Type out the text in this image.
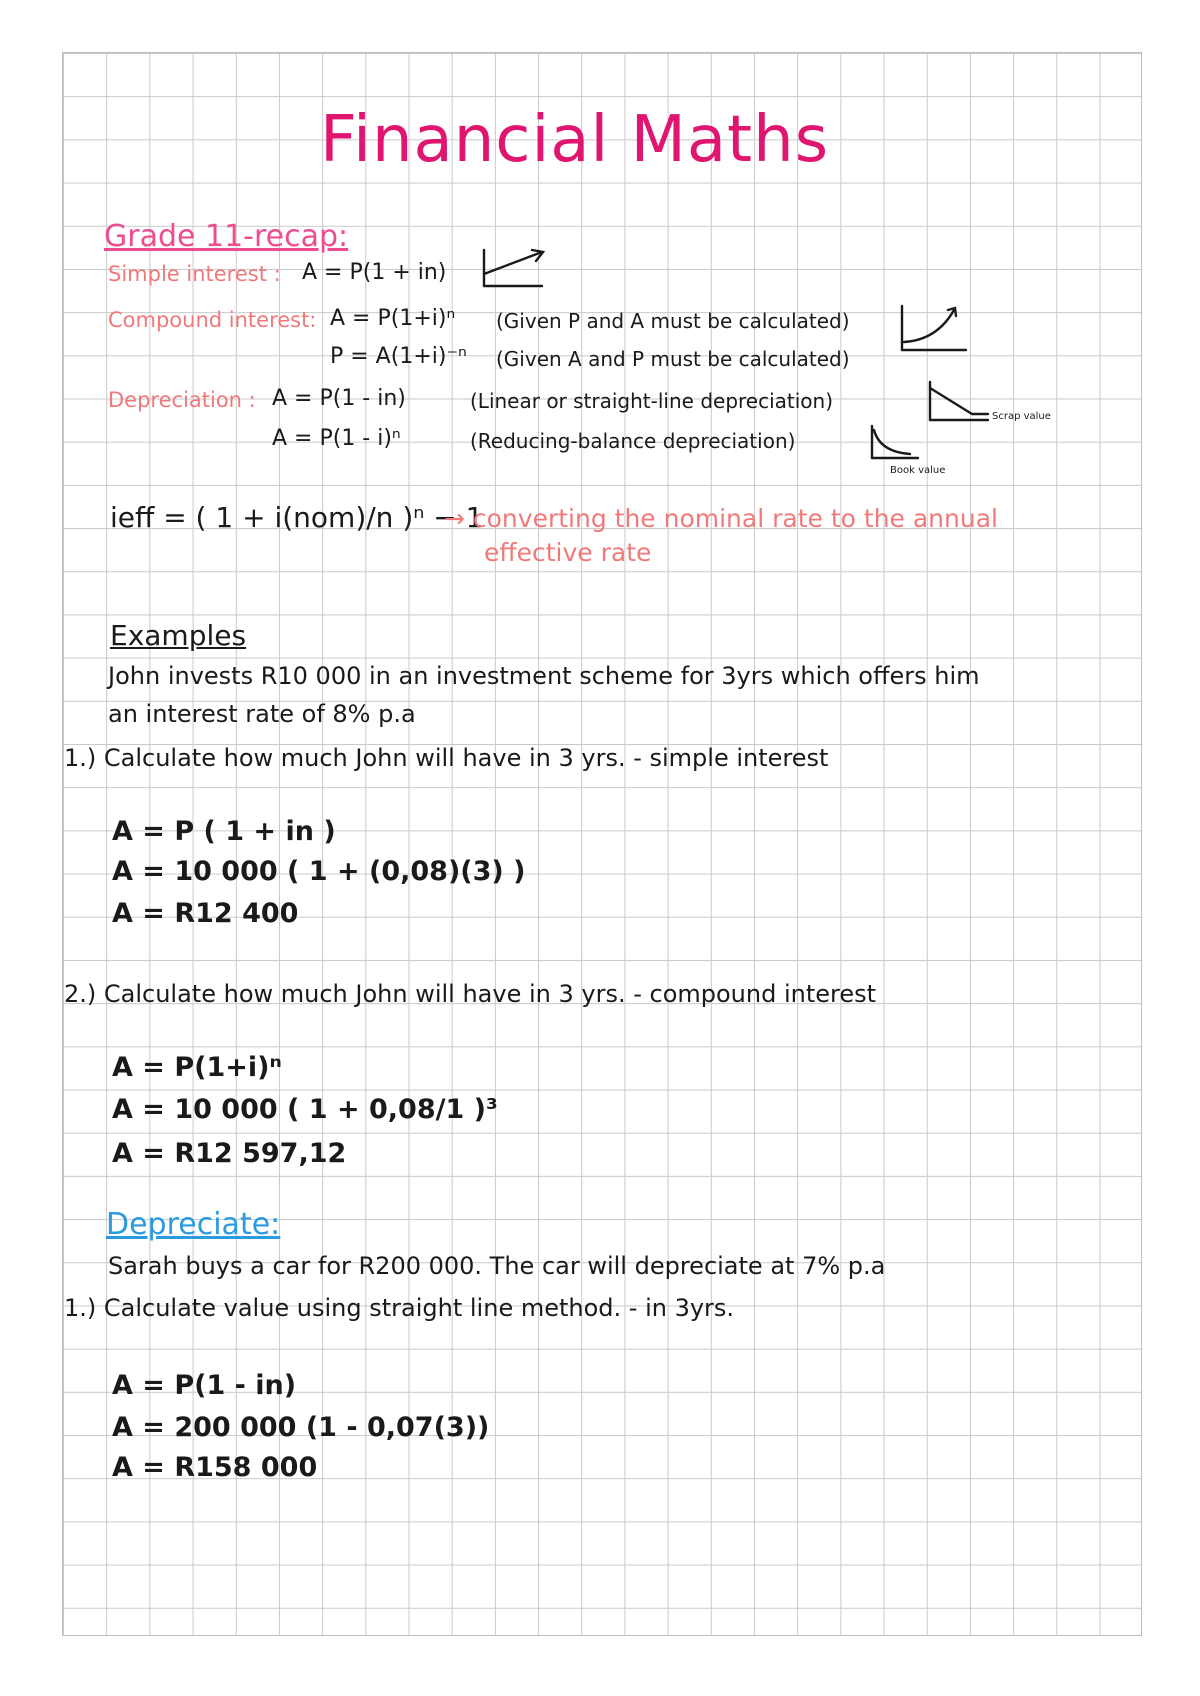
Financial Maths
Grade 11-recap:
Simple interest : A = P(1 + in)
Compound interest: A = P(1+i)ⁿ (Given P and A must be calculated)
P = A(1+i)⁻ⁿ (Given A and P must be calculated)
Depreciation : A = P(1 - in)	(Linear or straight-line depreciation)
A = P(1 - i)ⁿ	(Reducing-balance depreciation)
Scrap value
Book value
ieff = ( 1 + i(nom)/n )ⁿ − 1
→ converting the nominal rate to the annual
effective rate
Examples
John invests R10 000 in an investment scheme for 3yrs which offers him
an interest rate of 8% p.a
1.) Calculate how much John will have in 3 yrs. - simple interest
A = P ( 1 + in )
A = 10 000 ( 1 + (0,08)(3) )
A = R12 400
2.) Calculate how much John will have in 3 yrs. - compound interest
A = P(1+i)ⁿ
A = 10 000 ( 1 + 0,08/1 )³
A = R12 597,12
Depreciate:
Sarah buys a car for R200 000. The car will depreciate at 7% p.a
1.) Calculate value using straight line method. - in 3yrs.
A = P(1 - in)
A = 200 000 (1 - 0,07(3))
A = R158 000
